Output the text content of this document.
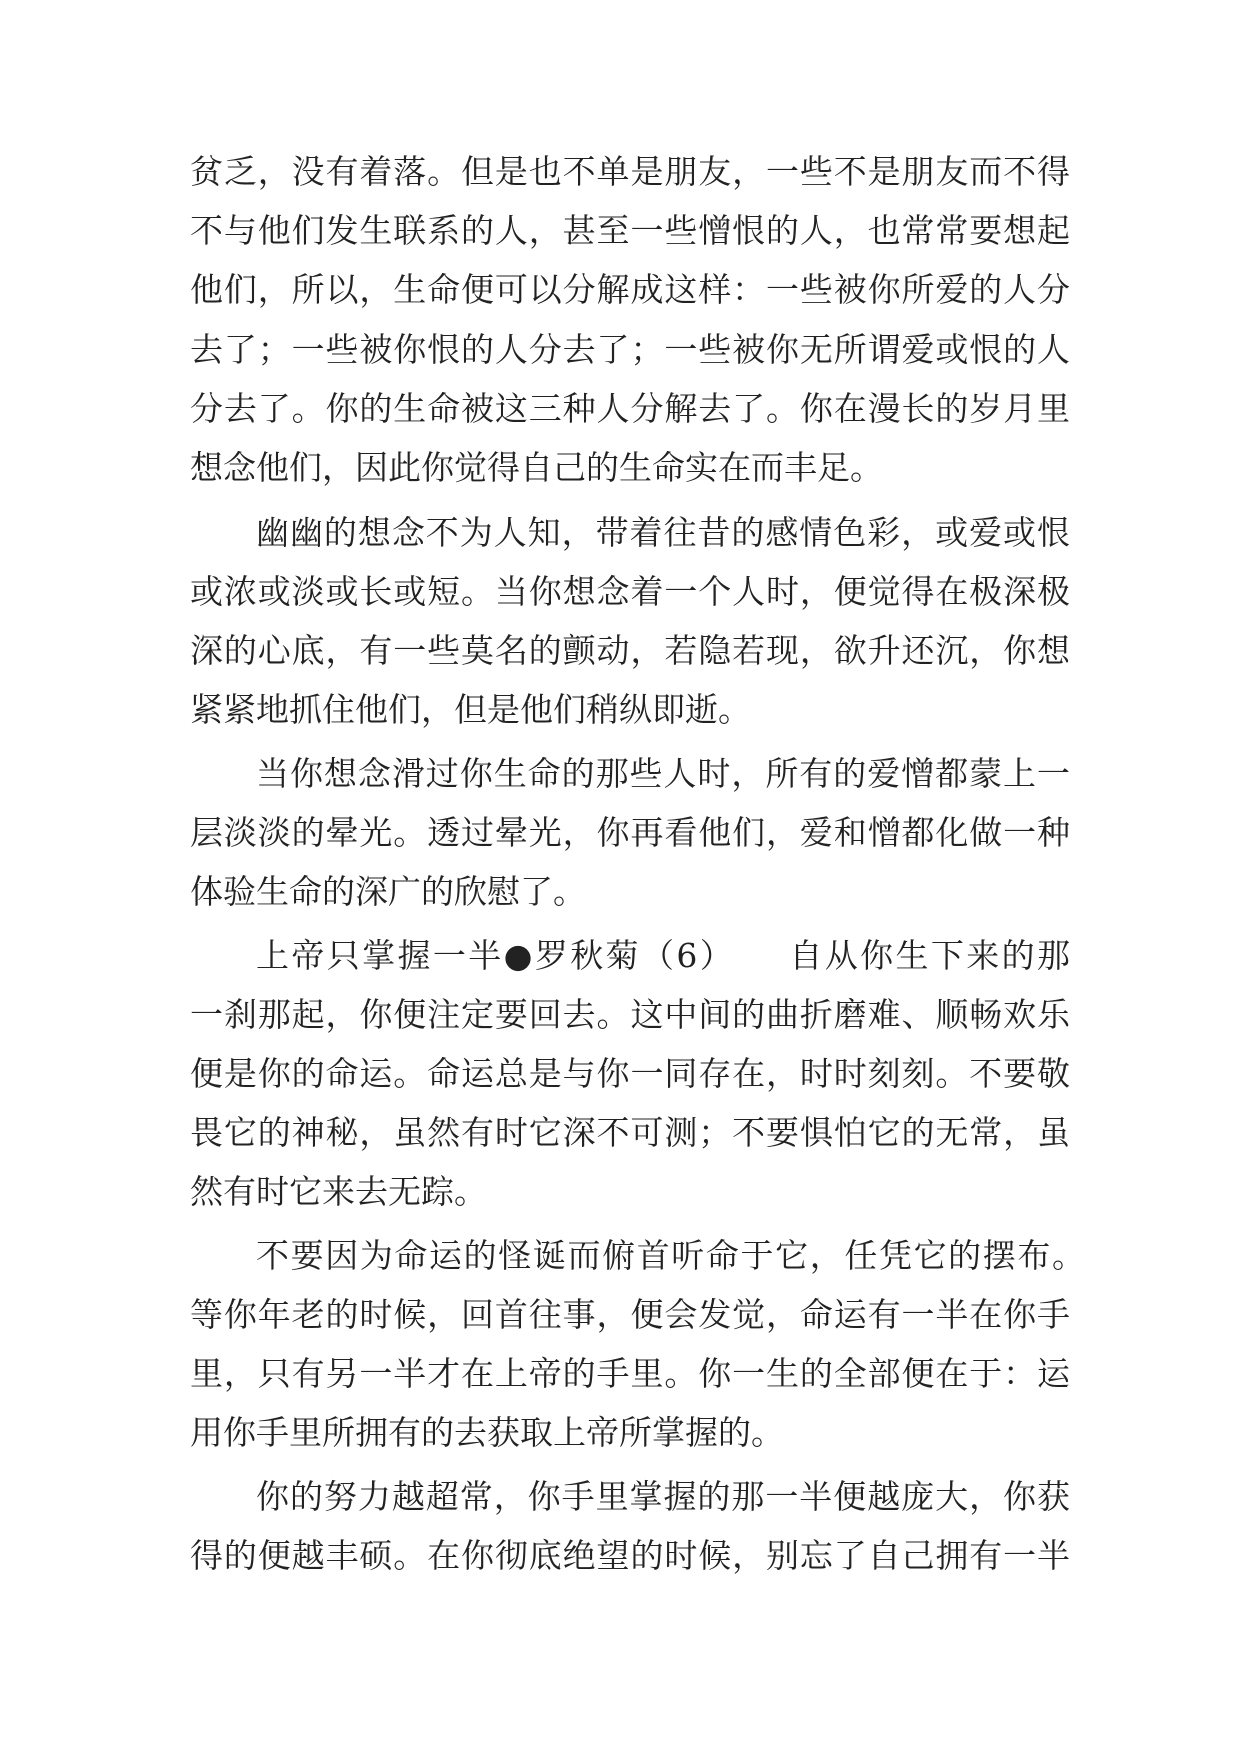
贫乏，没有着落。但是也不单是朋友，一些不是朋友而不得
不与他们发生联系的人，甚至一些憎恨的人，也常常要想起
他们，所以，生命便可以分解成这样：一些被你所爱的人分
去了；一些被你恨的人分去了；一些被你无所谓爱或恨的人
分去了。你的生命被这三种人分解去了。你在漫长的岁月里
想念他们，因此你觉得自己的生命实在而丰足。
幽幽的想念不为人知，带着往昔的感情色彩，或爱或恨
或浓或淡或长或短。当你想念着一个人时，便觉得在极深极
深的心底，有一些莫名的颤动，若隐若现，欲升还沉，你想
紧紧地抓住他们，但是他们稍纵即逝。
当你想念滑过你生命的那些人时，所有的爱憎都蒙上一
层淡淡的晕光。透过晕光，你再看他们，爱和憎都化做一种
体验生命的深广的欣慰了。
上帝只掌握一半●罗秋菊（6）　　自从你生下来的那
一刹那起，你便注定要回去。这中间的曲折磨难、顺畅欢乐
便是你的命运。命运总是与你一同存在，时时刻刻。不要敬
畏它的神秘，虽然有时它深不可测；不要惧怕它的无常，虽
然有时它来去无踪。
不要因为命运的怪诞而俯首听命于它，任凭它的摆布。
等你年老的时候，回首往事，便会发觉，命运有一半在你手
里，只有另一半才在上帝的手里。你一生的全部便在于：运
用你手里所拥有的去获取上帝所掌握的。
你的努力越超常，你手里掌握的那一半便越庞大，你获
得的便越丰硕。在你彻底绝望的时候，别忘了自己拥有一半
